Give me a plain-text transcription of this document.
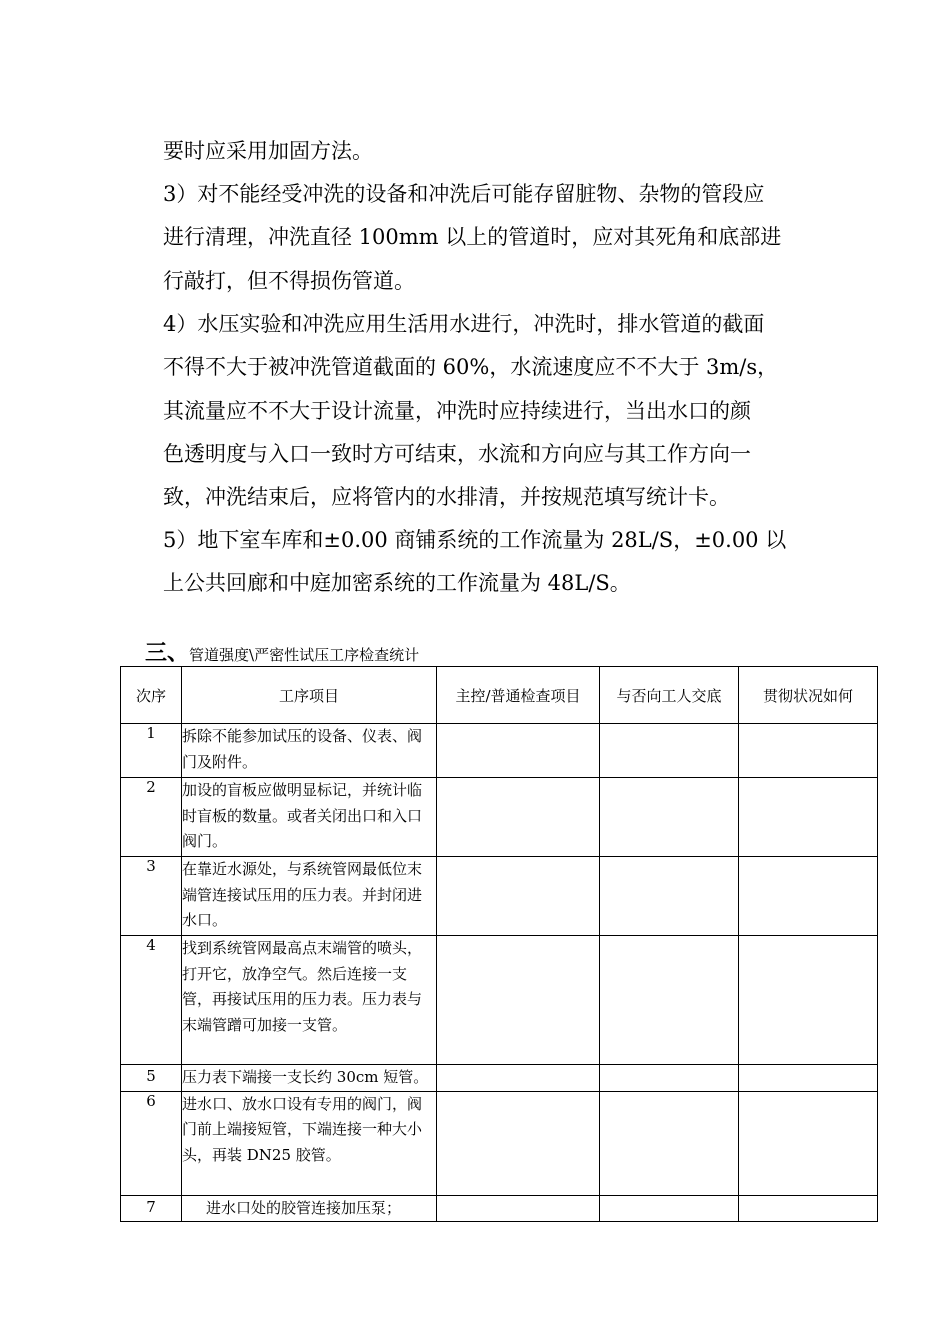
要时应采用加固方法。
3）对不能经受冲洗的设备和冲洗后可能存留脏物、杂物的管段应
进行清理，冲洗直径 100mm 以上的管道时，应对其死角和底部进
行敲打，但不得损伤管道。
4）水压实验和冲洗应用生活用水进行，冲洗时，排水管道的截面
不得不大于被冲洗管道截面的 60%，水流速度应不不大于 3m/s，
其流量应不不大于设计流量，冲洗时应持续进行，当出水口的颜
色透明度与入口一致时方可结束，水流和方向应与其工作方向一
致，冲洗结束后，应将管内的水排清，并按规范填写统计卡。
5）地下室车库和±0.00 商铺系统的工作流量为 28L/S，±0.00 以
上公共回廊和中庭加密系统的工作流量为 48L/S。
三、管道强度\严密性试压工序检查统计
次序	工序项目	主控/普通检查项目	与否向工人交底	贯彻状况如何
1	拆除不能参加试压的设备、仪表、阀门及附件。			

2	加设的盲板应做明显标记，并统计临时盲板的数量。或者关闭出口和入口阀门。			

3	在靠近水源处，与系统管网最低位末端管连接试压用的压力表。并封闭进水口。			

4	找到系统管网最高点末端管的喷头，打开它，放净空气。然后连接一支管，再接试压用的压力表。压力表与末端管蹭可加接一支管。			

5	压力表下端接一支长约 30cm 短管。			

6	进水口、放水口设有专用的阀门，阀门前上端接短管，下端连接一种大小头，再装 DN25 胶管。			

7	进水口处的胶管连接加压泵；			
